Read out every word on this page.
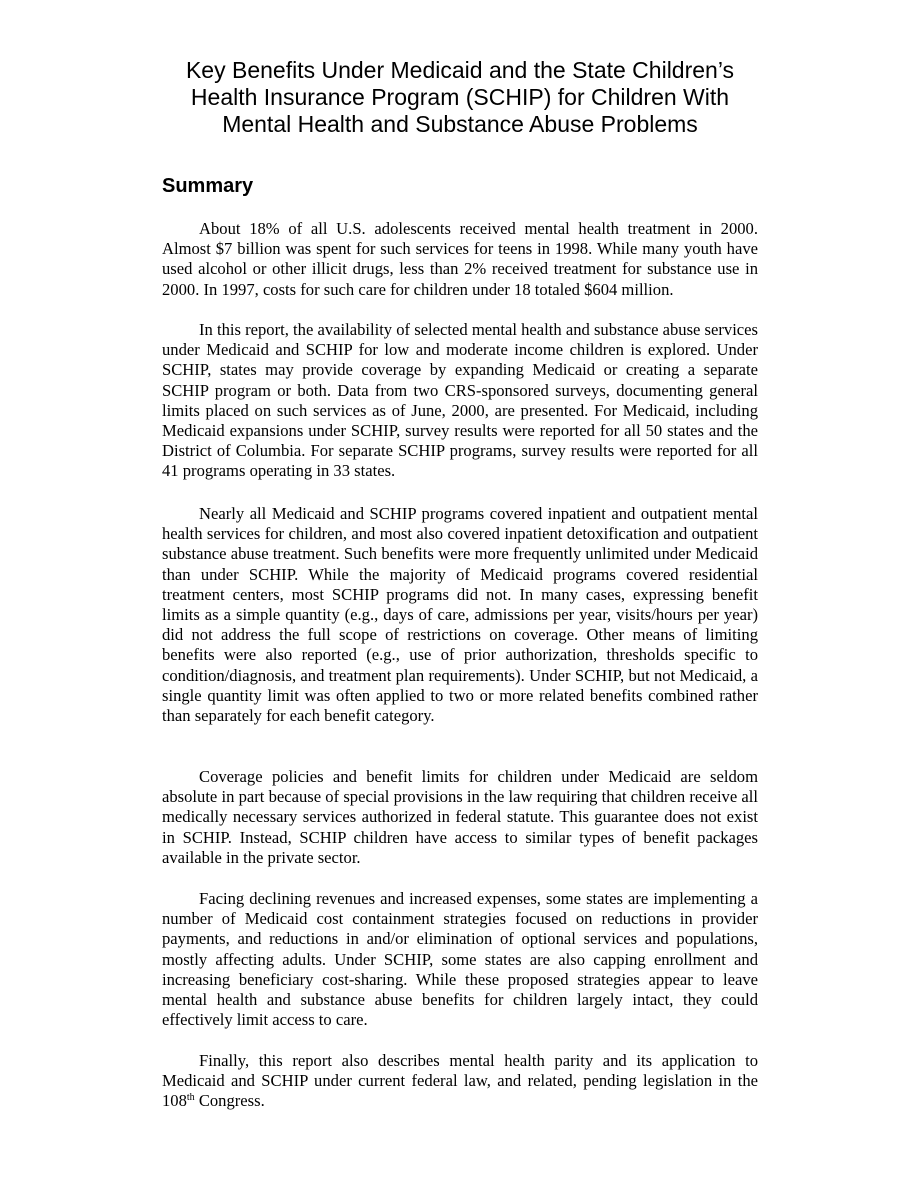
Key Benefits Under Medicaid and the State Children’s
Health Insurance Program (SCHIP) for Children With
Mental Health and Substance Abuse Problems
Summary

About 18% of all U.S. adolescents received mental health treatment in 2000. Almost $7 billion was spent for such services for teens in 1998. While many youth have used alcohol or other illicit drugs, less than 2% received treatment for substance use in 2000. In 1997, costs for such care for children under 18 totaled $604 million.

In this report, the availability of selected mental health and substance abuse services under Medicaid and SCHIP for low and moderate income children is explored. Under SCHIP, states may provide coverage by expanding Medicaid or creating a separate SCHIP program or both. Data from two CRS-sponsored surveys, documenting general limits placed on such services as of June, 2000, are presented. For Medicaid, including Medicaid expansions under SCHIP, survey results were reported for all 50 states and the District of Columbia. For separate SCHIP programs, survey results were reported for all 41 programs operating in 33 states.

Nearly all Medicaid and SCHIP programs covered inpatient and outpatient mental health services for children, and most also covered inpatient detoxification and outpatient substance abuse treatment. Such benefits were more frequently unlimited under Medicaid than under SCHIP. While the majority of Medicaid programs covered residential treatment centers, most SCHIP programs did not. In many cases, expressing benefit limits as a simple quantity (e.g., days of care, admissions per year, visits/hours per year) did not address the full scope of restrictions on coverage. Other means of limiting benefits were also reported (e.g., use of prior authorization, thresholds specific to condition/diagnosis, and treatment plan requirements). Under SCHIP, but not Medicaid, a single quantity limit was often applied to two or more related benefits combined rather than separately for each benefit category.

Coverage policies and benefit limits for children under Medicaid are seldom absolute in part because of special provisions in the law requiring that children receive all medically necessary services authorized in federal statute. This guarantee does not exist in SCHIP. Instead, SCHIP children have access to similar types of benefit packages available in the private sector.

Facing declining revenues and increased expenses, some states are implementing a number of Medicaid cost containment strategies focused on reductions in provider payments, and reductions in and/or elimination of optional services and populations, mostly affecting adults. Under SCHIP, some states are also capping enrollment and increasing beneficiary cost-sharing. While these proposed strategies appear to leave mental health and substance abuse benefits for children largely intact, they could effectively limit access to care.

Finally, this report also describes mental health parity and its application to Medicaid and SCHIP under current federal law, and related, pending legislation in the 108th Congress.
